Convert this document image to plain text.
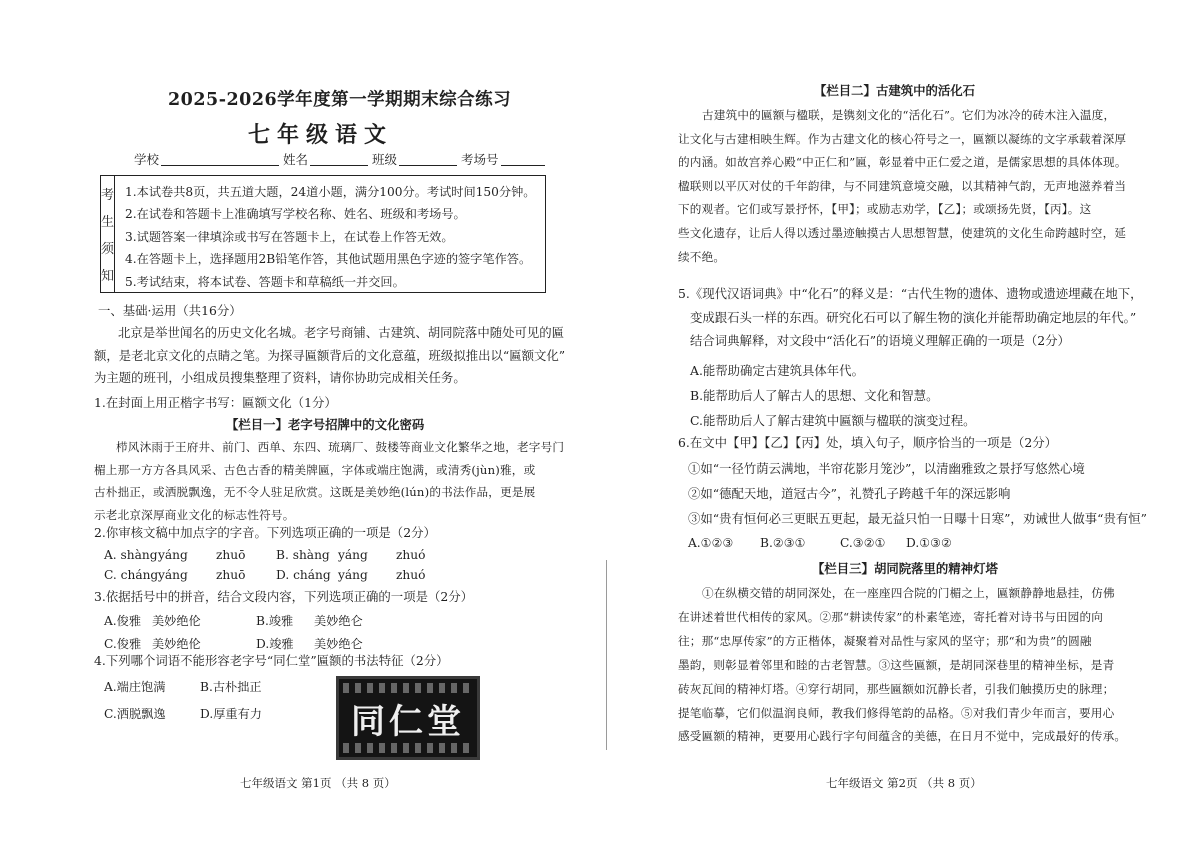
2025-2026学年度第一学期期末综合练习
七年级语文
学校	姓名	班级	考场号
考
生
须
知
1.本试卷共8页，共五道大题，24道小题，满分100分。考试时间150分钟。
2.在试卷和答题卡上准确填写学校名称、姓名、班级和考场号。
3.试题答案一律填涂或书写在答题卡上，在试卷上作答无效。
4.在答题卡上，选择题用2B铅笔作答，其他试题用黑色字迹的签字笔作答。
5.考试结束，将本试卷、答题卡和草稿纸一并交回。
一、基础·运用（共16分）
北京是举世闻名的历史文化名城。老字号商铺、古建筑、胡同院落中随处可见的匾
额，是老北京文化的点睛之笔。为探寻匾额背后的文化意蕴，班级拟推出以“匾额文化”
为主题的班刊，小组成员搜集整理了资料，请你协助完成相关任务。
1.在封面上用正楷字书写：匾额文化（1分）
【栏目一】老字号招牌中的文化密码
栉风沐雨于王府井、前门、西单、东四、琉璃厂、鼓楼等商业文化繁华之地，老字号门
楣上那一方方各具风采、古色古香的精美牌匾，字体或端庄饱满，或清秀(jùn)雅，或
古朴拙正，或洒脱飘逸，无不令人驻足欣赏。这既是美妙绝(lún)的书法作品，更是展
示老北京深厚商业文化的标志性符号。
2.你审核文稿中加点字的字音。下列选项正确的一项是（2分）
A. shàng yáng	zhuō	B. shàng yáng	zhuó
C. cháng yáng	zhuō	D. cháng yáng	zhuó
3.依据括号中的拼音，结合文段内容，下列选项正确的一项是（2分）
A.俊雅 美妙绝伦	B.竣雅	美妙绝仑
C.俊雅 美妙绝伦	D.竣雅	美妙绝仑
4.下列哪个词语不能形容老字号“同仁堂”匾额的书法特征（2分）
A.端庄饱满	B.古朴拙正
C.洒脱飘逸	D.厚重有力	同仁堂
七年级语文 第1页 （共 8 页）
【栏目二】古建筑中的活化石
古建筑中的匾额与楹联，是镌刻文化的“活化石”。它们为冰冷的砖木注入温度，
让文化与古建相映生辉。作为古建文化的核心符号之一，匾额以凝练的文字承载着深厚
的内涵。如故宫养心殿“中正仁和”匾，彰显着中正仁爱之道，是儒家思想的具体体现。
楹联则以平仄对仗的千年韵律，与不同建筑意境交融，以其精神气韵，无声地滋养着当
下的观者。它们或写景抒怀，【甲】；或励志劝学，【乙】；或颂扬先贤，【丙】。这
些文化遗存，让后人得以透过墨迹触摸古人思想智慧，使建筑的文化生命跨越时空，延
续不绝。
5.《现代汉语词典》中“化石”的释义是：“古代生物的遗体、遗物或遗迹埋藏在地下，
变成跟石头一样的东西。研究化石可以了解生物的演化并能帮助确定地层的年代。”
结合词典解释，对文段中“活化石”的语境义理解正确的一项是（2分）
A.能帮助确定古建筑具体年代。
B.能帮助后人了解古人的思想、文化和智慧。
C.能帮助后人了解古建筑中匾额与楹联的演变过程。
6.在文中【甲】【乙】【丙】处，填入句子，顺序恰当的一项是（2分）
①如“一径竹荫云满地，半帘花影月笼沙”，以清幽雅致之景抒写悠然心境
②如“德配天地，道冠古今”，礼赞孔子跨越千年的深远影响
③如“贵有恒何必三更眠五更起，最无益只怕一日曝十日寒”，劝诫世人做事“贵有恒”
A.①②③	B.②③①	C.③②①	D.①③②
【栏目三】胡同院落里的精神灯塔
①在纵横交错的胡同深处，在一座座四合院的门楣之上，匾额静静地悬挂，仿佛
在讲述着世代相传的家风。②那“耕读传家”的朴素笔迹，寄托着对诗书与田园的向
往；那“忠厚传家”的方正楷体，凝聚着对品性与家风的坚守；那“和为贵”的圆融
墨韵，则彰显着邻里和睦的古老智慧。③这些匾额，是胡同深巷里的精神坐标，是青
砖灰瓦间的精神灯塔。④穿行胡同，那些匾额如沉静长者，引我们触摸历史的脉理；
提笔临摹，它们似温润良师，教我们修得笔韵的品格。⑤对我们青少年而言，要用心
感受匾额的精神，更要用心践行字句间蕴含的美德，在日月不觉中，完成最好的传承。
七年级语文 第2页 （共 8 页）
